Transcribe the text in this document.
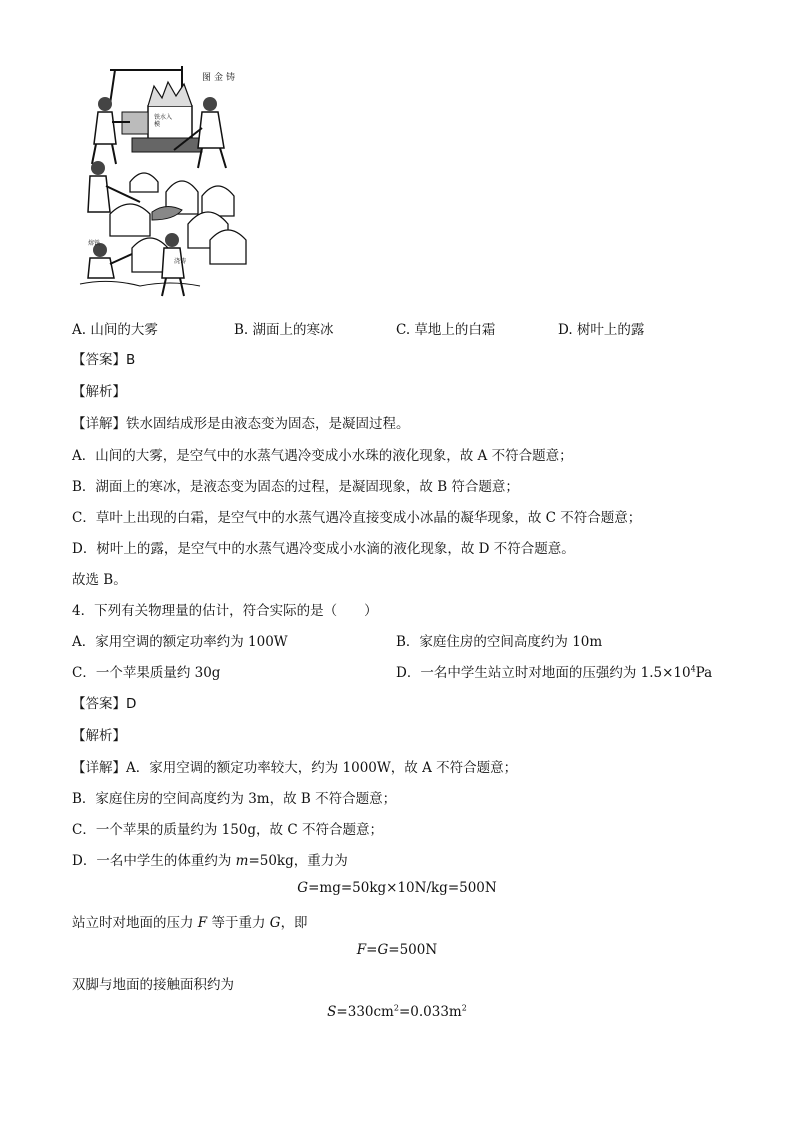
图金铸
铁水入模
熔铁
浇铸
A. 山间的大雾	B. 湖面上的寒冰	C. 草地上的白霜	D. 树叶上的露
【答案】B
【解析】
【详解】铁水固结成形是由液态变为固态，是凝固过程。
A．山间的大雾，是空气中的水蒸气遇冷变成小水珠的液化现象，故 A 不符合题意；
B．湖面上的寒冰，是液态变为固态的过程，是凝固现象，故 B 符合题意；
C．草叶上出现的白霜，是空气中的水蒸气遇冷直接变成小冰晶的凝华现象，故 C 不符合题意；
D．树叶上的露，是空气中的水蒸气遇冷变成小水滴的液化现象，故 D 不符合题意。
故选 B。
4．下列有关物理量的估计，符合实际的是（　　）
A．家用空调的额定功率约为 100W	B．家庭住房的空间高度约为 10m
C．一个苹果质量约 30g	D．一名中学生站立时对地面的压强约为 $1.5\times 10^4Pa$
【答案】D
【解析】
【详解】A．家用空调的额定功率较大，约为 1000W，故 A 不符合题意；
B．家庭住房的空间高度约为 3m，故 B 不符合题意；
C．一个苹果的质量约为 150g，故 C 不符合题意；
D．一名中学生的体重约为 m=50kg，重力为
G=mg=50kg×10N/kg=500N
站立时对地面的压力 F 等于重力 G，即
F=G=500N
双脚与地面的接触面积约为
$S=330cm^2=0.033m^2$
